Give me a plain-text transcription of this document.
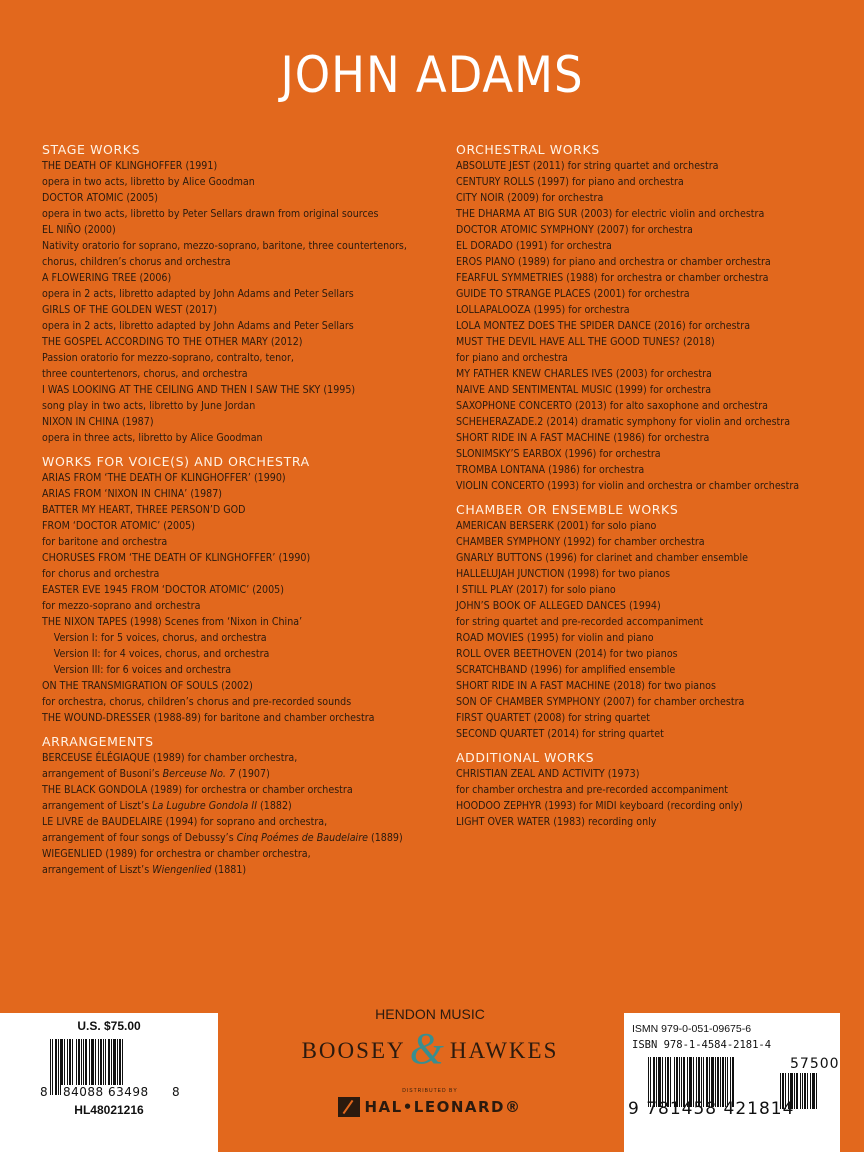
JOHN ADAMS
STAGE WORKS
THE DEATH OF KLINGHOFFER (1991)
opera in two acts, libretto by Alice Goodman
DOCTOR ATOMIC (2005)
opera in two acts, libretto by Peter Sellars drawn from original sources
EL NIÑO (2000)
Nativity oratorio for soprano, mezzo-soprano, baritone, three countertenors,
chorus, children’s chorus and orchestra
A FLOWERING TREE (2006)
opera in 2 acts, libretto adapted by John Adams and Peter Sellars
GIRLS OF THE GOLDEN WEST (2017)
opera in 2 acts, libretto adapted by John Adams and Peter Sellars
THE GOSPEL ACCORDING TO THE OTHER MARY (2012)
Passion oratorio for mezzo-soprano, contralto, tenor,
three countertenors, chorus, and orchestra
I WAS LOOKING AT THE CEILING AND THEN I SAW THE SKY (1995)
song play in two acts, libretto by June Jordan
NIXON IN CHINA (1987)
opera in three acts, libretto by Alice Goodman
WORKS FOR VOICE(S) AND ORCHESTRA
ARIAS FROM ‘THE DEATH OF KLINGHOFFER’ (1990)
ARIAS FROM ‘NIXON IN CHINA’ (1987)
BATTER MY HEART, THREE PERSON’D GOD
FROM ‘DOCTOR ATOMIC’ (2005)
for baritone and orchestra
CHORUSES FROM ‘THE DEATH OF KLINGHOFFER’ (1990)
for chorus and orchestra
EASTER EVE 1945 FROM ‘DOCTOR ATOMIC’ (2005)
for mezzo-soprano and orchestra
THE NIXON TAPES (1998) Scenes from ‘Nixon in China’
Version I: for 5 voices, chorus, and orchestra
Version II: for 4 voices, chorus, and orchestra
Version III: for 6 voices and orchestra
ON THE TRANSMIGRATION OF SOULS (2002)
for orchestra, chorus, children’s chorus and pre-recorded sounds
THE WOUND-DRESSER (1988-89) for baritone and chamber orchestra
ARRANGEMENTS
BERCEUSE ÉLÉGIAQUE (1989) for chamber orchestra,
arrangement of Busoni’s Berceuse No. 7 (1907)
THE BLACK GONDOLA (1989) for orchestra or chamber orchestra
arrangement of Liszt’s La Lugubre Gondola II (1882)
LE LIVRE de BAUDELAIRE (1994) for soprano and orchestra,
arrangement of four songs of Debussy’s Cinq Poémes de Baudelaire (1889)
WIEGENLIED (1989) for orchestra or chamber orchestra,
arrangement of Liszt’s Wiengenlied (1881)
ORCHESTRAL WORKS
ABSOLUTE JEST (2011) for string quartet and orchestra
CENTURY ROLLS (1997) for piano and orchestra
CITY NOIR (2009) for orchestra
THE DHARMA AT BIG SUR (2003) for electric violin and orchestra
DOCTOR ATOMIC SYMPHONY (2007) for orchestra
EL DORADO (1991) for orchestra
EROS PIANO (1989) for piano and orchestra or chamber orchestra
FEARFUL SYMMETRIES (1988) for orchestra or chamber orchestra
GUIDE TO STRANGE PLACES (2001) for orchestra
LOLLAPALOOZA (1995) for orchestra
LOLA MONTEZ DOES THE SPIDER DANCE (2016) for orchestra
MUST THE DEVIL HAVE ALL THE GOOD TUNES? (2018)
for piano and orchestra
MY FATHER KNEW CHARLES IVES (2003) for orchestra
NAIVE AND SENTIMENTAL MUSIC (1999) for orchestra
SAXOPHONE CONCERTO (2013) for alto saxophone and orchestra
SCHEHERAZADE.2 (2014) dramatic symphony for violin and orchestra
SHORT RIDE IN A FAST MACHINE (1986) for orchestra
SLONIMSKY’S EARBOX (1996) for orchestra
TROMBA LONTANA (1986) for orchestra
VIOLIN CONCERTO (1993) for violin and orchestra or chamber orchestra
CHAMBER OR ENSEMBLE WORKS
AMERICAN BERSERK (2001) for solo piano
CHAMBER SYMPHONY (1992) for chamber orchestra
GNARLY BUTTONS (1996) for clarinet and chamber ensemble
HALLELUJAH JUNCTION (1998) for two pianos
I STILL PLAY (2017) for solo piano
JOHN’S BOOK OF ALLEGED DANCES (1994)
for string quartet and pre-recorded accompaniment
ROAD MOVIES (1995) for violin and piano
ROLL OVER BEETHOVEN (2014) for two pianos
SCRATCHBAND (1996) for amplified ensemble
SHORT RIDE IN A FAST MACHINE (2018) for two pianos
SON OF CHAMBER SYMPHONY (2007) for chamber orchestra
FIRST QUARTET (2008) for string quartet
SECOND QUARTET (2014) for string quartet
ADDITIONAL WORKS
CHRISTIAN ZEAL AND ACTIVITY (1973)
for chamber orchestra and pre-recorded accompaniment
HOODOO ZEPHYR (1993) for MIDI keyboard (recording only)
LIGHT OVER WATER (1983) recording only
U.S. $75.00
8 84088 63498 8
HL48021216
HENDON MUSIC
BOOSEY & HAWKES
DISTRIBUTED BY
HAL•LEONARD®
ISMN 979-0-051-09675-6
ISBN 978-1-4584-2181-4
57500
9 781458 421814
